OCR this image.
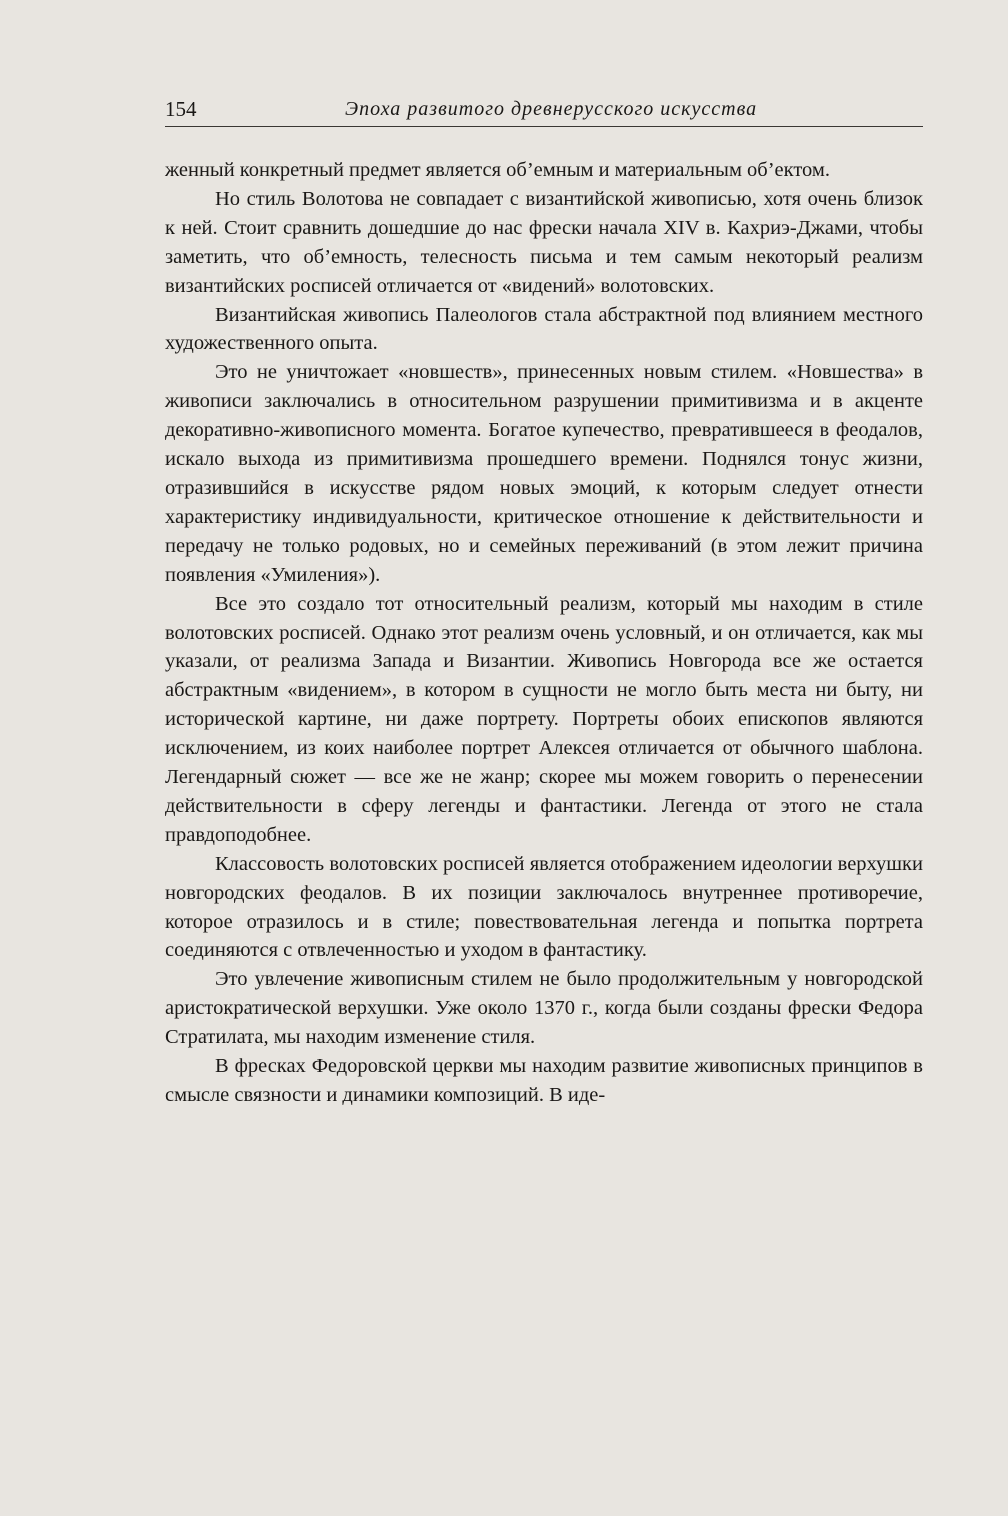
154	Эпоха развитого древнерусского искусства

женный конкретный предмет является об’емным и материальным об’ектом.

Но стиль Волотова не совпадает с византийской живописью, хотя очень близок к ней. Стоит сравнить дошедшие до нас фрески начала XIV в. Кахриэ-Джами, чтобы заметить, что об’емность, телесность письма и тем самым некоторый реализм византийских росписей отличается от «видений» волотовских.

Византийская живопись Палеологов стала абстрактной под влиянием местного художественного опыта.

Это не уничтожает «новшеств», принесенных новым стилем. «Новшества» в живописи заключались в относительном разрушении примитивизма и в акценте декоративно-живописного момента. Богатое купечество, превратившееся в феодалов, искало выхода из примитивизма прошедшего времени. Поднялся тонус жизни, отразившийся в искусстве рядом новых эмоций, к которым следует отнести характеристику индивидуальности, критическое отношение к действительности и передачу не только родовых, но и семейных переживаний (в этом лежит причина появления «Умиления»).

Все это создало тот относительный реализм, который мы находим в стиле волотовских росписей. Однако этот реализм очень условный, и он отличается, как мы указали, от реализма Запада и Византии. Живопись Новгорода все же остается абстрактным «видением», в котором в сущности не могло быть места ни быту, ни исторической картине, ни даже портрету. Портреты обоих епископов являются исключением, из коих наиболее портрет Алексея отличается от обычного шаблона. Легендарный сюжет — все же не жанр; скорее мы можем говорить о перенесении действительности в сферу легенды и фантастики. Легенда от этого не стала правдоподобнее.

Классовость волотовских росписей является отображением идеологии верхушки новгородских феодалов. В их позиции заключалось внутреннее противоречие, которое отразилось и в стиле; повествовательная легенда и попытка портрета соединяются с отвлеченностью и уходом в фантастику.

Это увлечение живописным стилем не было продолжительным у новгородской аристократической верхушки. Уже около 1370 г., когда были созданы фрески Федора Стратилата, мы находим изменение стиля.

В фресках Федоровской церкви мы находим развитие живописных принципов в смысле связности и динамики композиций. В иде-
